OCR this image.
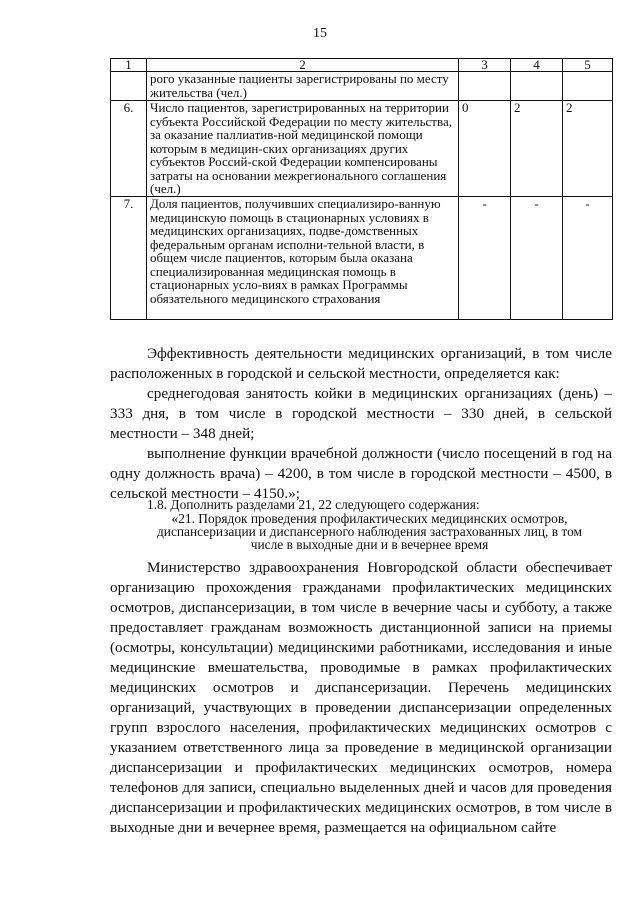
15
1	2	3	4	5
	рого указанные пациенты зарегистрированы по месту жительства (чел.)			
6.	Число пациентов, зарегистрированных на территории субъекта Российской Федерации по месту жительства, за оказание паллиатив-ной медицинской помощи которым в медицин-ских организациях других субъектов Россий-ской Федерации компенсированы затраты на основании межрегионального соглашения (чел.)	0	2	2
7.	Доля пациентов, получивших специализиро-ванную медицинскую помощь в стационарных условиях в медицинских организациях, подве-домственных федеральным органам исполни-тельной власти, в общем числе пациентов, которым была оказана специализированная медицинская помощь в стационарных усло-виях в рамках Программы обязательного медицинского страхования	-	-	-
Эффективность деятельности медицинских организаций, в том числе расположенных в городской и сельской местности, определяется как:
среднегодовая занятость койки в медицинских организациях (день) – 333 дня, в том числе в городской местности – 330 дней, в сельской местности – 348 дней;
выполнение функции врачебной должности (число посещений в год на одну должность врача) – 4200, в том числе в городской местности – 4500, в сельской местности – 4150.»;
1.8. Дополнить разделами 21, 22 следующего содержания:
«21. Порядок проведения профилактических медицинских осмотров, диспансеризации и диспансерного наблюдения застрахованных лиц, в том числе в выходные дни и в вечернее время
Министерство здравоохранения Новгородской области обеспечивает организацию прохождения гражданами профилактических медицинских осмотров, диспансеризации, в том числе в вечерние часы и субботу, а также предоставляет гражданам возможность дистанционной записи на приемы (осмотры, консультации) медицинскими работниками, исследования и иные медицинские вмешательства, проводимые в рамках профилактических медицинских осмотров и диспансеризации. Перечень медицинских организаций, участвующих в проведении диспансеризации определенных групп взрослого населения, профилактических медицинских осмотров с указанием ответственного лица за проведение в медицинской организации диспансеризации и профилактических медицинских осмотров, номера телефонов для записи, специально выделенных дней и часов для проведения диспансеризации и профилактических медицинских осмотров, в том числе в выходные дни и вечернее время, размещается на официальном сайте
